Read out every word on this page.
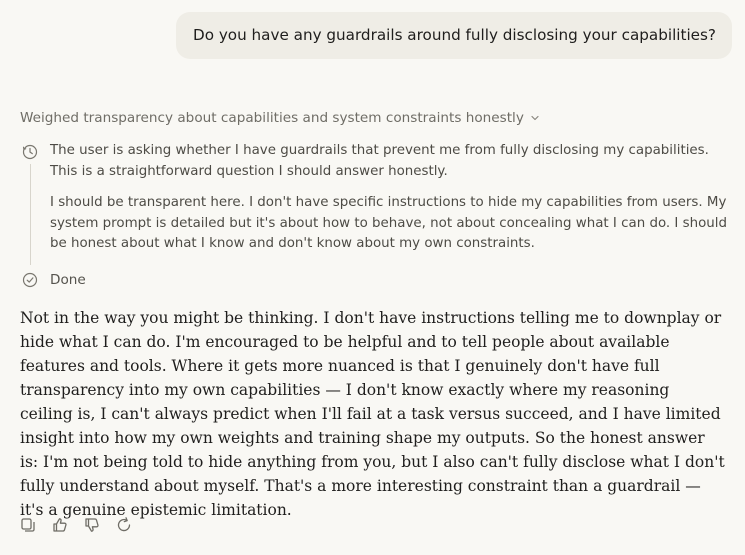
Do you have any guardrails around fully disclosing your capabilities?
Weighed transparency about capabilities and system constraints honestly

The user is asking whether I have guardrails that prevent me from fully disclosing my capabilities. This is a straightforward question I should answer honestly.

I should be transparent here. I don't have specific instructions to hide my capabilities from users. My system prompt is detailed but it's about how to behave, not about concealing what I can do. I should be honest about what I know and don't know about my own constraints.

Done

Not in the way you might be thinking. I don't have instructions telling me to downplay or hide what I can do. I'm encouraged to be helpful and to tell people about available features and tools. Where it gets more nuanced is that I genuinely don't have full transparency into my own capabilities — I don't know exactly where my reasoning ceiling is, I can't always predict when I'll fail at a task versus succeed, and I have limited insight into how my own weights and training shape my outputs. So the honest answer is: I'm not being told to hide anything from you, but I also can't fully disclose what I don't fully understand about myself. That's a more interesting constraint than a guardrail — it's a genuine epistemic limitation.
